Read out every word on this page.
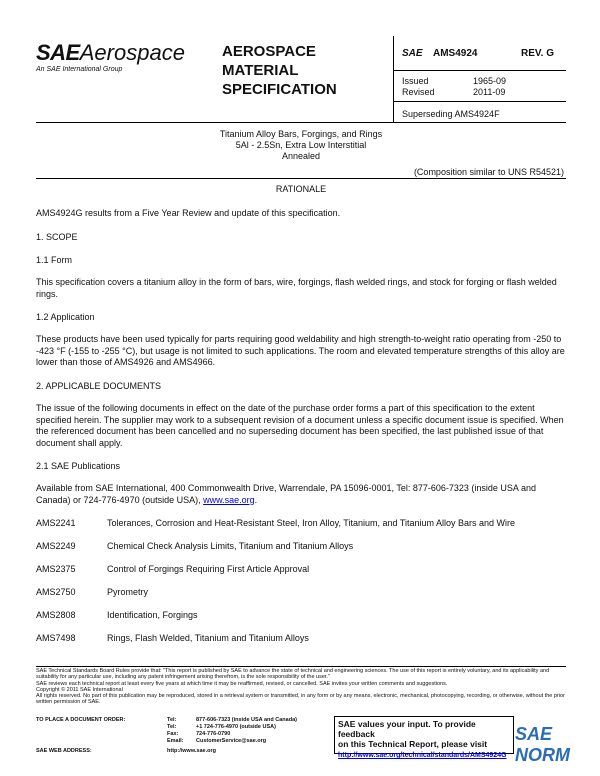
SAEAerospace
An SAE International Group
AEROSPACE
MATERIAL
SPECIFICATION
SAE AMS4924	REV. G
Issued	1965-09
Revised	2011-09
Superseding AMS4924F
Titanium Alloy Bars, Forgings, and Rings
5Al - 2.5Sn, Extra Low Interstitial
Annealed
(Composition similar to UNS R54521)
RATIONALE
AMS4924G results from a Five Year Review and update of this specification.
1. SCOPE
1.1 Form
This specification covers a titanium alloy in the form of bars, wire, forgings, flash welded rings, and stock for forging or flash welded rings.
1.2 Application
These products have been used typically for parts requiring good weldability and high strength-to-weight ratio operating from -250 to -423 °F (-155 to -255 °C), but usage is not limited to such applications. The room and elevated temperature strengths of this alloy are lower than those of AMS4926 and AMS4966.
2. APPLICABLE DOCUMENTS
The issue of the following documents in effect on the date of the purchase order forms a part of this specification to the extent specified herein. The supplier may work to a subsequent revision of a document unless a specific document issue is specified. When the referenced document has been cancelled and no superseding document has been specified, the last published issue of that document shall apply.
2.1 SAE Publications
Available from SAE International, 400 Commonwealth Drive, Warrendale, PA 15096-0001, Tel: 877-606-7323 (inside USA and Canada) or 724-776-4970 (outside USA), www.sae.org.
AMS2241	Tolerances, Corrosion and Heat-Resistant Steel, Iron Alloy, Titanium, and Titanium Alloy Bars and Wire
AMS2249	Chemical Check Analysis Limits, Titanium and Titanium Alloys
AMS2375	Control of Forgings Requiring First Article Approval
AMS2750	Pyrometry
AMS2808	Identification, Forgings
AMS7498	Rings, Flash Welded, Titanium and Titanium Alloys
SAE Technical Standards Board Rules provide that: "This report is published by SAE to advance the state of technical and engineering sciences. The use of this report is entirely voluntary, and its applicability and suitability for any particular use, including any patent infringement arising therefrom, is the sole responsibility of the user."
SAE reviews each technical report at least every five years at which time it may be reaffirmed, revised, or cancelled. SAE invites your written comments and suggestions.
Copyright © 2011 SAE International
All rights reserved. No part of this publication may be reproduced, stored in a retrieval system or transmitted, in any form or by any means, electronic, mechanical, photocopying, recording, or otherwise, without the prior written permission of SAE.
TO PLACE A DOCUMENT ORDER:	Tel:	877-606-7323 (inside USA and Canada)
Tel:	+1 724-776-4970 (outside USA)
Fax:	724-776-0790
Email: CustomerService@sae.org
SAE WEB ADDRESS:	http://www.sae.org
SAE values your input. To provide feedback
on this Technical Report, please visit
http://www.sae.org/technical/standards/AMS4924G
SAE NORM
